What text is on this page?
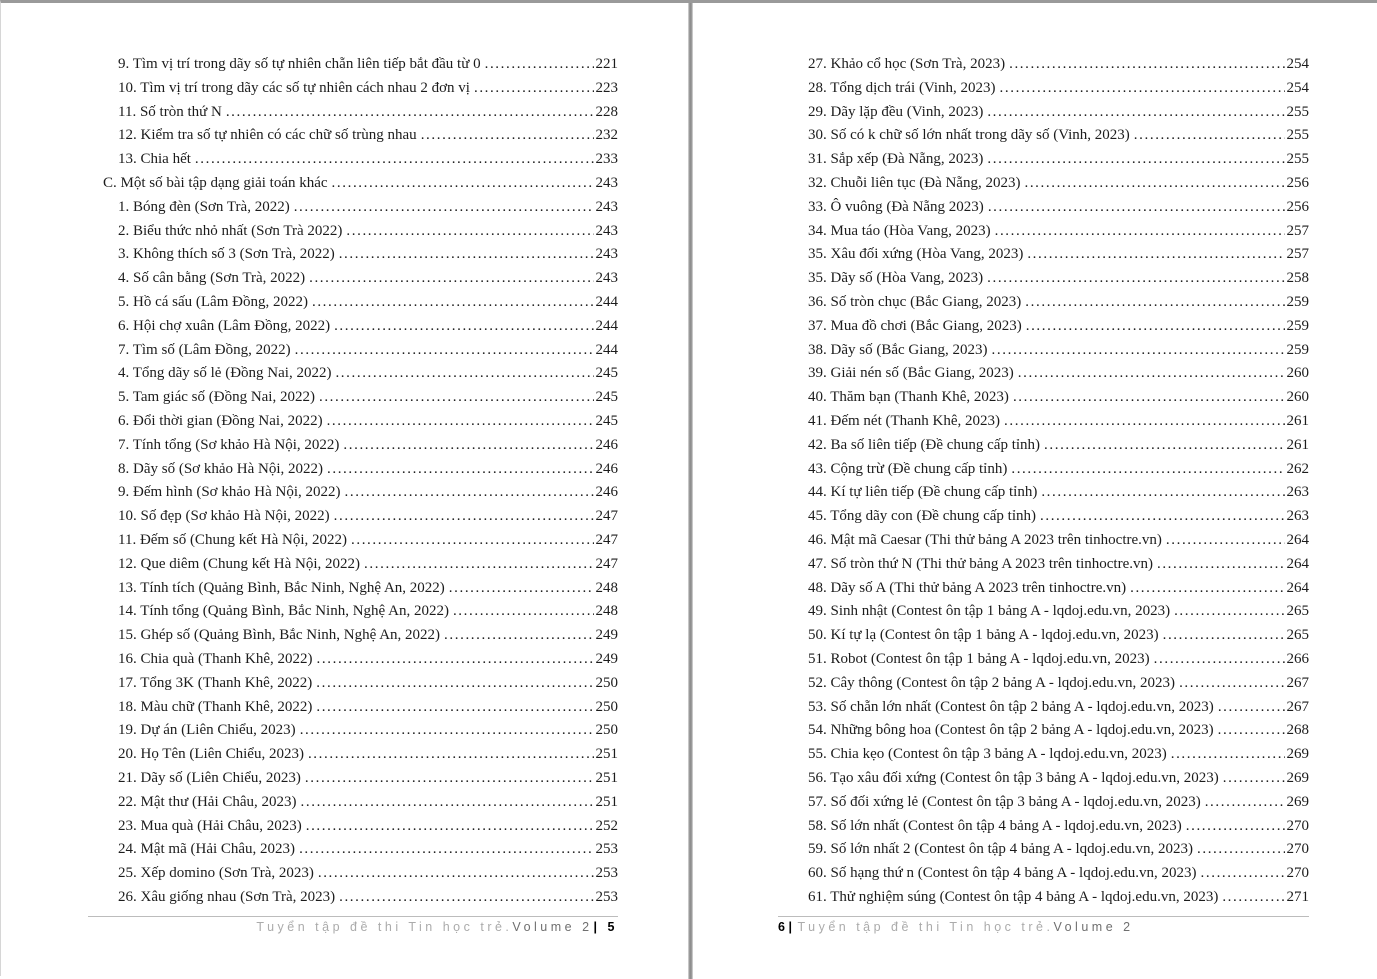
9. Tìm vị trí trong dãy số tự nhiên chẵn liên tiếp bắt đầu từ 0 .....	221
10. Tìm vị trí trong dãy các số tự nhiên cách nhau 2 đơn vị .....	223
11. Số tròn thứ N .....	228
12. Kiểm tra số tự nhiên có các chữ số trùng nhau .....	232
13. Chia hết .....	233
C. Một số bài tập dạng giải toán khác .....	243
1. Bóng đèn (Sơn Trà, 2022) .....	243
2. Biểu thức nhỏ nhất (Sơn Trà 2022) .....	243
3. Không thích số 3 (Sơn Trà, 2022) .....	243
4. Số cân bằng (Sơn Trà, 2022) .....	243
5. Hồ cá sấu (Lâm Đồng, 2022) .....	244
6. Hội chợ xuân (Lâm Đồng, 2022) .....	244
7. Tìm số (Lâm Đồng, 2022) .....	244
4. Tổng dãy số lẻ (Đồng Nai, 2022) .....	245
5. Tam giác số (Đồng Nai, 2022) .....	245
6. Đổi thời gian (Đồng Nai, 2022) .....	245
7. Tính tổng (Sơ khảo Hà Nội, 2022) .....	246
8. Dãy số (Sơ khảo Hà Nội, 2022) .....	246
9. Đếm hình (Sơ khảo Hà Nội, 2022) .....	246
10. Số đẹp (Sơ khảo Hà Nội, 2022) .....	247
11. Đếm số (Chung kết Hà Nội, 2022) .....	247
12. Que diêm (Chung kết Hà Nội, 2022) .....	247
13. Tính tích (Quảng Bình, Bắc Ninh, Nghệ An, 2022) .....	248
14. Tính tổng (Quảng Bình, Bắc Ninh, Nghệ An, 2022) .....	248
15. Ghép số (Quảng Bình, Bắc Ninh, Nghệ An, 2022) .....	249
16. Chia quà (Thanh Khê, 2022) .....	249
17. Tổng 3K (Thanh Khê, 2022) .....	250
18. Màu chữ (Thanh Khê, 2022) .....	250
19. Dự án (Liên Chiểu, 2023) .....	250
20. Họ Tên (Liên Chiểu, 2023) .....	251
21. Dãy số (Liên Chiểu, 2023) .....	251
22. Mật thư (Hải Châu, 2023) .....	251
23. Mua quà (Hải Châu, 2023) .....	252
24. Mật mã (Hải Châu, 2023) .....	253
25. Xếp domino (Sơn Trà, 2023) .....	253
26. Xâu giống nhau (Sơn Trà, 2023) .....	253
27. Khảo cổ học (Sơn Trà, 2023) .....	254
28. Tổng dịch trái (Vinh, 2023) .....	254
29. Dãy lặp đều (Vinh, 2023) .....	255
30. Số có k chữ số lớn nhất trong dãy số (Vinh, 2023) .....	255
31. Sắp xếp (Đà Nẵng, 2023) .....	255
32. Chuỗi liên tục (Đà Nẵng, 2023) .....	256
33. Ô vuông (Đà Nẵng 2023) .....	256
34. Mua táo (Hòa Vang, 2023) .....	257
35. Xâu đối xứng (Hòa Vang, 2023) .....	257
35. Dãy số (Hòa Vang, 2023) .....	258
36. Số tròn chục (Bắc Giang, 2023) .....	259
37. Mua đồ chơi (Bắc Giang, 2023) .....	259
38. Dãy số (Bắc Giang, 2023) .....	259
39. Giải nén số (Bắc Giang, 2023) .....	260
40. Thăm bạn (Thanh Khê, 2023) .....	260
41. Đếm nét (Thanh Khê, 2023) .....	261
42. Ba số liên tiếp (Đề chung cấp tỉnh) .....	261
43. Cộng trừ (Đề chung cấp tỉnh) .....	262
44. Kí tự liên tiếp (Đề chung cấp tỉnh) .....	263
45. Tổng dãy con (Đề chung cấp tỉnh) .....	263
46. Mật mã Caesar (Thi thử bảng A 2023 trên tinhoctre.vn) .....	264
47. Số tròn thứ N (Thi thử bảng A 2023 trên tinhoctre.vn) .....	264
48. Dãy số A (Thi thử bảng A 2023 trên tinhoctre.vn) .....	264
49. Sinh nhật (Contest ôn tập 1 bảng A - lqdoj.edu.vn, 2023) .....	265
50. Kí tự lạ (Contest ôn tập 1 bảng A - lqdoj.edu.vn, 2023) .....	265
51. Robot (Contest ôn tập 1 bảng A - lqdoj.edu.vn, 2023) .....	266
52. Cây thông (Contest ôn tập 2 bảng A - lqdoj.edu.vn, 2023) .....	267
53. Số chẵn lớn nhất (Contest ôn tập 2 bảng A - lqdoj.edu.vn, 2023) .....	267
54. Những bông hoa (Contest ôn tập 2 bảng A - lqdoj.edu.vn, 2023) .....	268
55. Chia kẹo (Contest ôn tập 3 bảng A - lqdoj.edu.vn, 2023) .....	269
56. Tạo xâu đối xứng (Contest ôn tập 3 bảng A - lqdoj.edu.vn, 2023) .....	269
57. Số đối xứng lẻ (Contest ôn tập 3 bảng A - lqdoj.edu.vn, 2023) .....	269
58. Số lớn nhất (Contest ôn tập 4 bảng A - lqdoj.edu.vn, 2023) .....	270
59. Số lớn nhất 2 (Contest ôn tập 4 bảng A - lqdoj.edu.vn, 2023) .....	270
60. Số hạng thứ n (Contest ôn tập 4 bảng A - lqdoj.edu.vn, 2023) .....	270
61. Thử nghiệm súng (Contest ôn tập 4 bảng A - lqdoj.edu.vn, 2023) .....	271
Tuyển tập đề thi Tin học trẻ.Volume 2| 5	6| Tuyển tập đề thi Tin học trẻ.Volume 2
